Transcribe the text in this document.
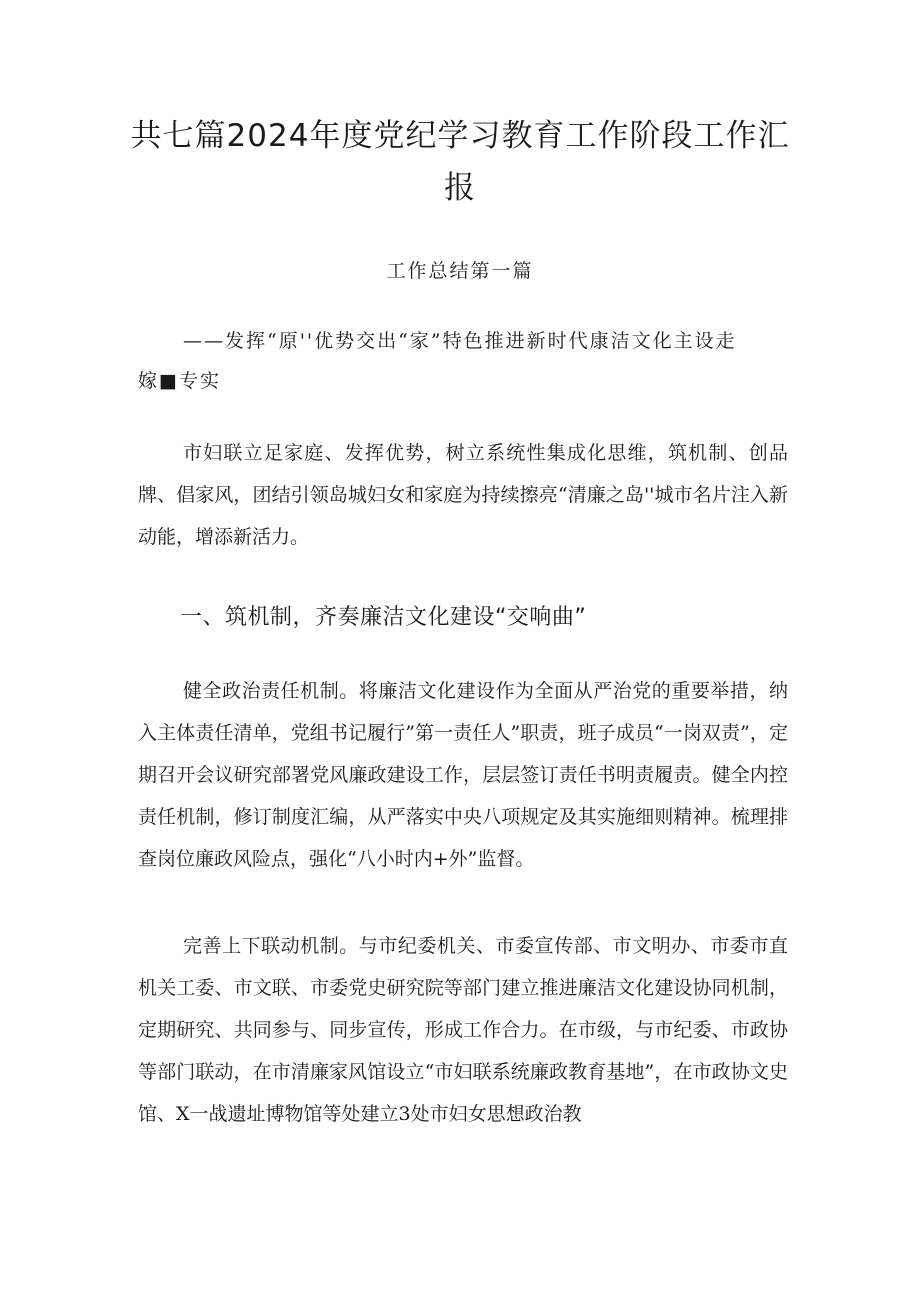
共七篇2024年度党纪学习教育工作阶段工作汇报
工作总结第一篇
——发挥“原''优势交出“家”特色推进新时代康洁文化主设走
嫁■专实

市妇联立足家庭、发挥优势，树立系统性集成化思维，筑机制、创品牌、倡家风，团结引领岛城妇女和家庭为持续擦亮“清廉之岛''城市名片注入新动能，增添新活力。

一、筑机制，齐奏廉洁文化建设“交响曲”

健全政治责任机制。将廉洁文化建设作为全面从严治党的重要举措，纳入主体责任清单，党组书记履行”第一责任人”职责，班子成员“一岗双责”，定期召开会议研究部署党风廉政建设工作，层层签订责任书明责履责。健全内控责任机制，修订制度汇编，从严落实中央八项规定及其实施细则精神。梳理排查岗位廉政风险点，强化“八小时内+外”监督。

完善上下联动机制。与市纪委机关、市委宣传部、市文明办、市委市直机关工委、市文联、市委党史研究院等部门建立推进廉洁文化建设协同机制，定期研究、共同参与、同步宣传，形成工作合力。在市级，与市纪委、市政协等部门联动，在市清廉家风馆设立“市妇联系统廉政教育基地”，在市政协文史馆、X一战遗址博物馆等处建立3处市妇女思想政治教
